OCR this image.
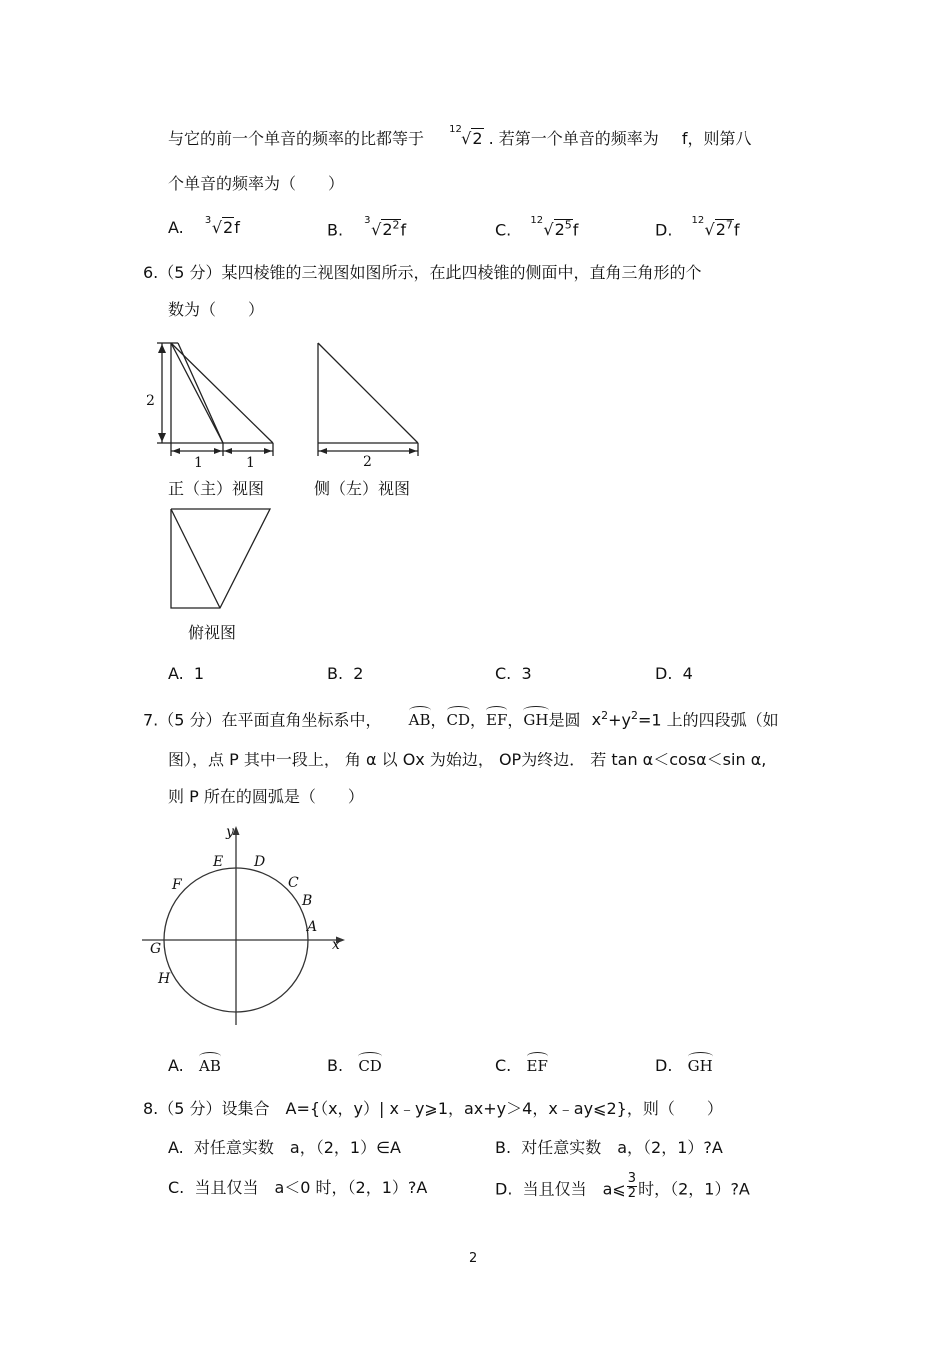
与它的前一个单音的频率的比都等于	12 √2 . 若第一个单音的频率为 f，则第八
个单音的频率为（　　）
A. 3 √2f	B. 3 $√2^2f$	C. 12 $√2^5f$	D. 12 $√2^7f$
6.（5 分）某四棱锥的三视图如图所示，在此四棱锥的侧面中，直角三角形的个
数为（　　）
2
1	1
正（主）视图
2
侧（左）视图
俯视图
A. 1	B. 2	C. 3	D. 4
7.（5 分）在平面直角坐标系中， AB，CD，EF，GH是圆 $x^2+y^2=1$ 上的四段弧（如
图），点 P 其中一段上， 角 α 以 Ox 为始边， OP为终边． 若 tan α＜cosα＜sin α,
则 P 所在的圆弧是（　　）
x
y
E D
F	C
B
A
G
H
A. AB	B. CD	C. EF	D. GH
8.（5 分）设集合　A={（x，y）| x﹣y⩾1，ax+y＞4，x﹣ay⩽2}，则（　　）
A. 对任意实数　a，（2，1）∈A	B. 对任意实数　a，（2，1）?A
C. 当且仅当　a＜0 时，（2，1）?A	D. 当且仅当　a⩽ $\frac{3}{2}$ 时，（2，1）?A
2
